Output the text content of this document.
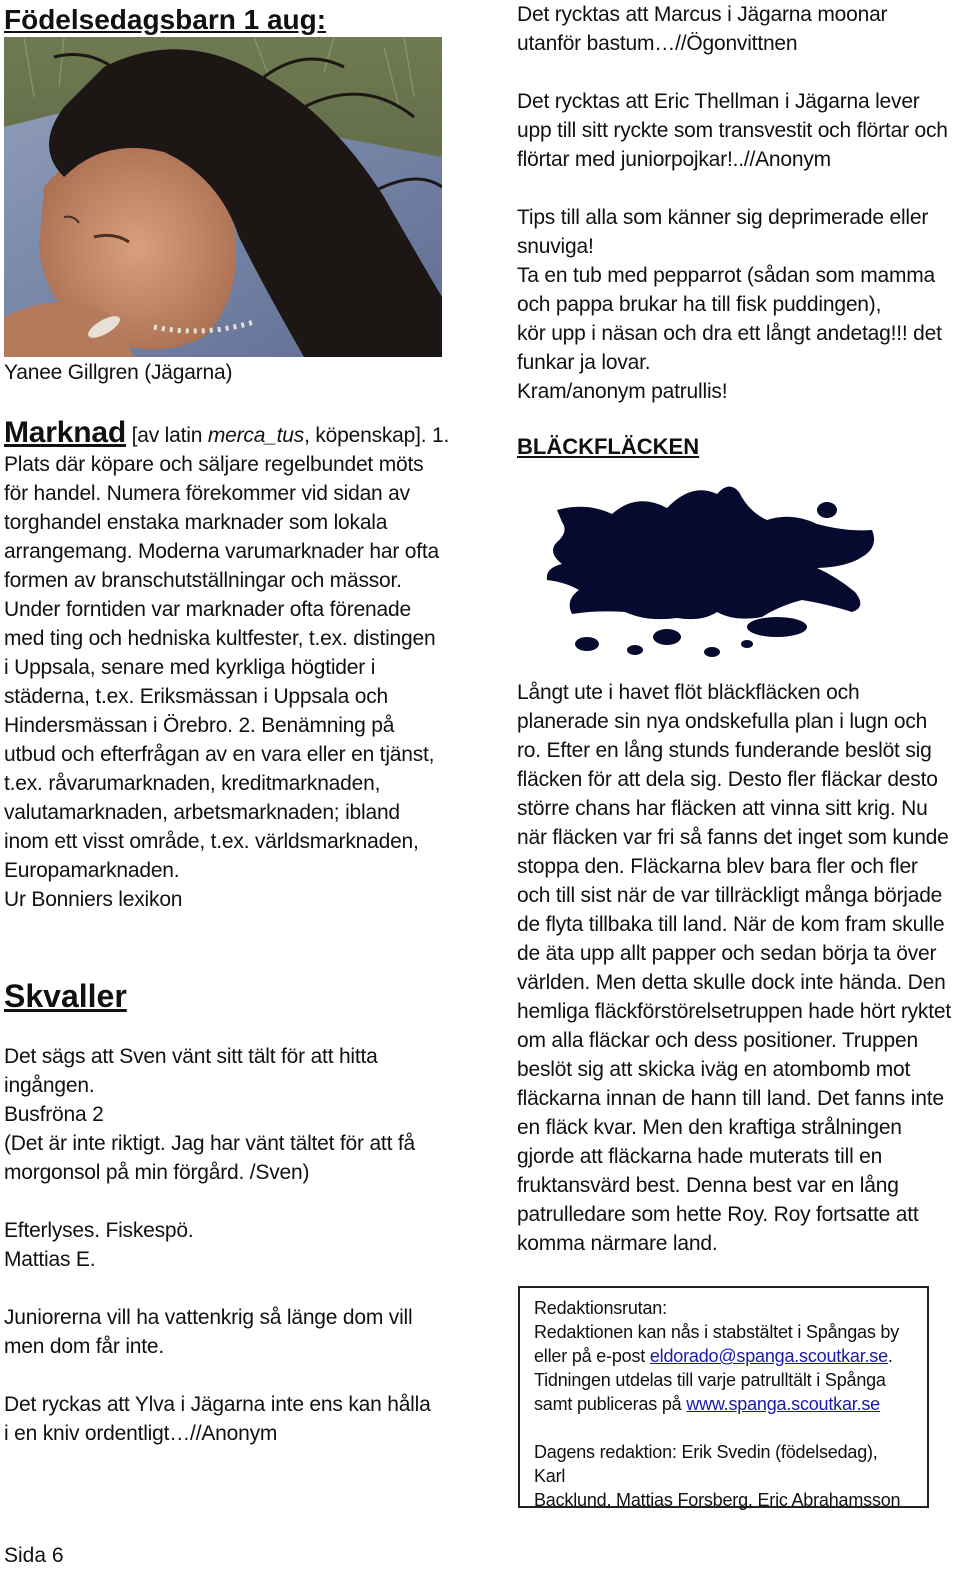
Födelsedagsbarn 1 aug:

Yanee Gillgren (Jägarna)

Marknad [av latin merca_tus, köpenskap]. 1.
Plats där köpare och säljare regelbundet möts
för handel. Numera förekommer vid sidan av
torghandel enstaka marknader som lokala
arrangemang. Moderna varumarknader har ofta
formen av branschutställningar och mässor.
Under forntiden var marknader ofta förenade
med ting och hedniska kultfester, t.ex. distingen
i Uppsala, senare med kyrkliga högtider i
städerna, t.ex. Eriksmässan i Uppsala och
Hindersmässan i Örebro. 2. Benämning på
utbud och efterfrågan av en vara eller en tjänst,
t.ex. råvarumarknaden, kreditmarknaden,
valutamarknaden, arbetsmarknaden; ibland
inom ett visst område, t.ex. världsmarknaden,
Europamarknaden.
Ur Bonniers lexikon
Skvaller
Det sägs att Sven vänt sitt tält för att hitta
ingången.
Busfröna 2
(Det är inte riktigt. Jag har vänt tältet för att få
morgonsol på min förgård. /Sven)
Efterlyses. Fiskespö.
Mattias E.
Juniorerna vill ha vattenkrig så länge dom vill
men dom får inte.
Det ryckas att Ylva i Jägarna inte ens kan hålla
i en kniv ordentligt…//Anonym
Sida 6
Det rycktas att Marcus i Jägarna moonar
utanför bastum…//Ögonvittnen
Det rycktas att Eric Thellman i Jägarna lever
upp till sitt ryckte som transvestit och flörtar och
flörtar med juniorpojkar!..//Anonym
Tips till alla som känner sig deprimerade eller
snuviga!
Ta en tub med pepparrot (sådan som mamma
och pappa brukar ha till fisk puddingen),
kör upp i näsan och dra ett långt andetag!!! det
funkar ja lovar.
Kram/anonym patrullis!
BLÄCKFLÄCKEN
Långt ute i havet flöt bläckfläcken och
planerade sin nya ondskefulla plan i lugn och
ro. Efter en lång stunds funderande beslöt sig
fläcken för att dela sig. Desto fler fläckar desto
större chans har fläcken att vinna sitt krig. Nu
när fläcken var fri så fanns det inget som kunde
stoppa den. Fläckarna blev bara fler och fler
och till sist när de var tillräckligt många började
de flyta tillbaka till land. När de kom fram skulle
de äta upp allt papper och sedan börja ta över
världen. Men detta skulle dock inte hända. Den
hemliga fläckförstörelsetruppen hade hört ryktet
om alla fläckar och dess positioner. Truppen
beslöt sig att skicka iväg en atombomb mot
fläckarna innan de hann till land. Det fanns inte
en fläck kvar. Men den kraftiga strålningen
gjorde att fläckarna hade muterats till en
fruktansvärd best. Denna best var en lång
patrulledare som hette Roy. Roy fortsatte att
komma närmare land.

Redaktionsrutan:

Redaktionen kan nås i stabstältet i Spångas by

eller på e-post eldorado@spanga.scoutkar.se.

Tidningen utdelas till varje patrulltält i Spånga

samt publiceras på www.spanga.scoutkar.se

Dagens redaktion: Erik Svedin (födelsedag), Karl

Backlund, Mattias Forsberg, Eric Abrahamsson
